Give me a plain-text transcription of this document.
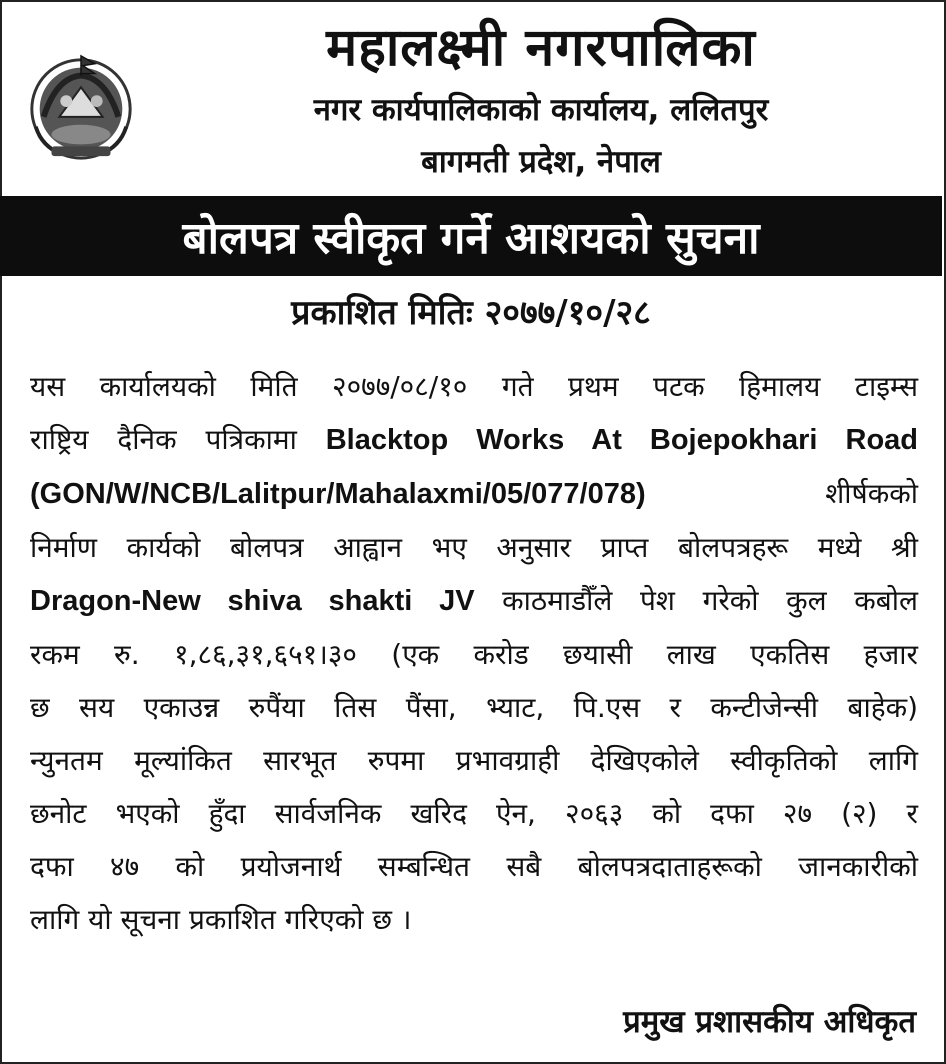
महालक्ष्मी नगरपालिका
नगर कार्यपालिकाको कार्यालय, ललितपुर
बागमती प्रदेश, नेपाल
बोलपत्र स्वीकृत गर्ने आशयको सुचना
प्रकाशित मितिः २०७७/१०/२८
यस कार्यालयको मिति २०७७/०८/१० गते प्रथम पटक हिमालय टाइम्स
राष्ट्रिय दैनिक पत्रिकामा Blacktop Works At Bojepokhari Road
(GON/W/NCB/Lalitpur/Mahalaxmi/05/077/078) शीर्षकको
निर्माण कार्यको बोलपत्र आह्वान भए अनुसार प्राप्त बोलपत्रहरू मध्ये श्री
Dragon-New shiva shakti JV काठमाडौँले पेश गरेको कुल कबोल
रकम रु. १,८६,३१,६५१।३० (एक करोड छयासी लाख एकतिस हजार
छ सय एकाउन्न रुपैंया तिस पैंसा, भ्याट, पि.एस र कन्टीजेन्सी बाहेक)
न्युनतम मूल्यांकित सारभूत रुपमा प्रभावग्राही देखिएकोले स्वीकृतिको लागि
छनोट भएको हुँदा सार्वजनिक खरिद ऐन, २०६३ को दफा २७ (२) र
दफा ४७ को प्रयोजनार्थ सम्बन्धित सबै बोलपत्रदाताहरूको जानकारीको
लागि यो सूचना प्रकाशित गरिएको छ ।
प्रमुख प्रशासकीय अधिकृत
